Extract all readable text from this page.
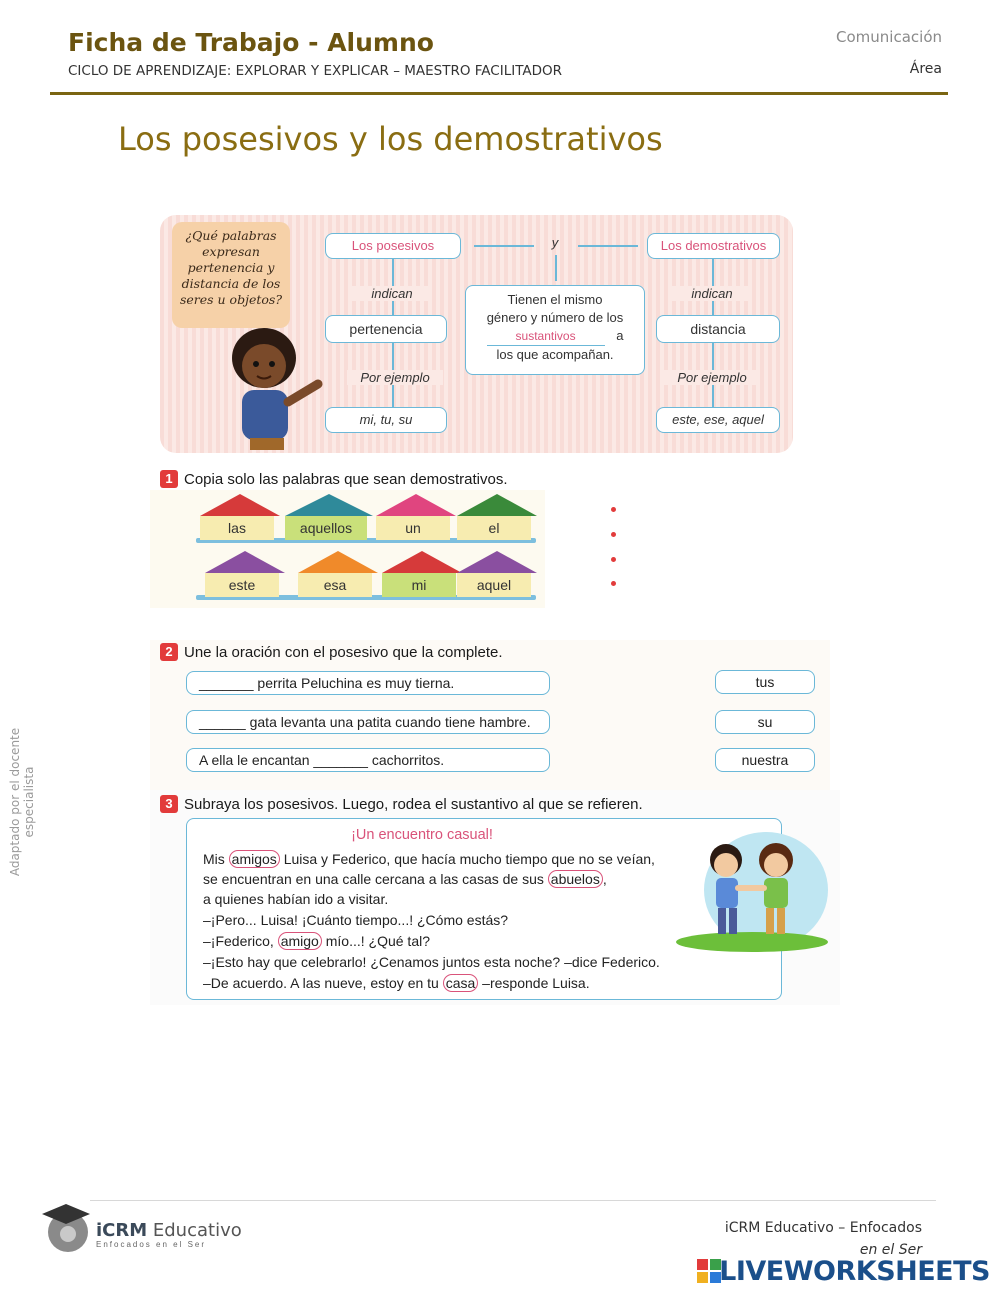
Ficha de Trabajo - Alumno
CICLO DE APRENDIZAJE: EXPLORAR Y EXPLICAR – MAESTRO FACILITADOR
Comunicación
Área
Los posesivos y los demostrativos
Adaptado por el docente especialista
¿Qué palabras expresan pertenencia y distancia de los seres u objetos?
Los posesivos	y	Los demostrativos
indican	indican
pertenencia	distancia
Tienen el mismo
género y número de los
sustantivos	a
los que acompañan.
Por ejemplo	Por ejemplo
mi, tu, su	este, ese, aquel
1 Copia solo las palabras que sean demostrativos.
las	aquellos	un	el
este	esa	mi	aquel
2 Une la oración con el posesivo que la complete.
_______ perrita Peluchina es muy tierna.
______ gata levanta una patita cuando tiene hambre.
A ella le encantan _______ cachorritos.
tus
su
nuestra
3 Subraya los posesivos. Luego, rodea el sustantivo al que se refieren.
¡Un encuentro casual!
Mis amigos Luisa y Federico, que hacía mucho tiempo que no se veían,
se encuentran en una calle cercana a las casas de sus abuelos ,
a quienes habían ido a visitar.
–¡Pero... Luisa! ¡Cuánto tiempo...! ¿Cómo estás?
–¡Federico, amigo mío...! ¿Qué tal?
–¡Esto hay que celebrarlo! ¿Cenamos juntos esta noche? –dice Federico.
–De acuerdo. A las nueve, estoy en tu casa –responde Luisa.
iCRM Educativo
Enfocados en el Ser
iCRM Educativo – Enfocados
en el Ser
LIVEWORKSHEETS
